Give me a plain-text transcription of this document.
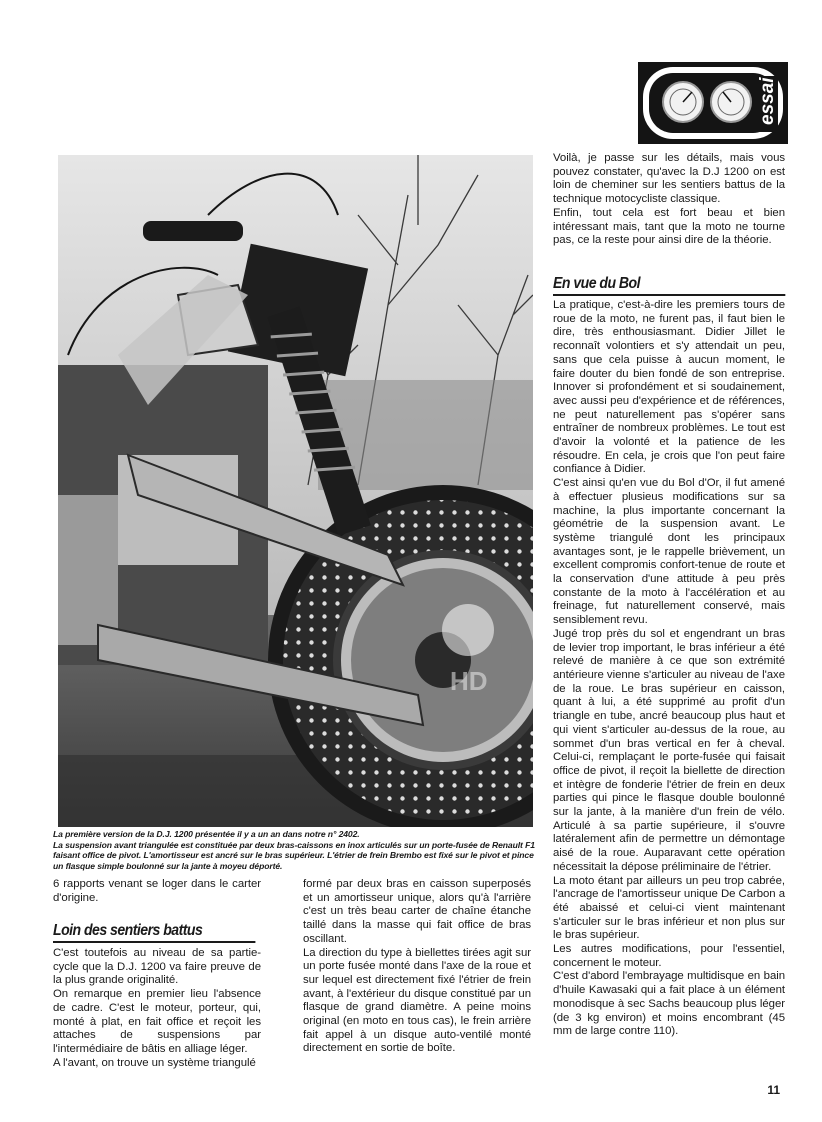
essai
HD
La première version de la D.J. 1200 présentée il y a un an dans notre n° 2402.
La suspension avant triangulée est constituée par deux bras-caissons en inox articulés sur un porte-fusée de Renault F1 faisant office de pivot. L'amortisseur est ancré sur le bras supérieur. L'étrier de frein Brembo est fixé sur le pivot et pince un flasque simple boulonné sur la jante à moyeu déporté.

Voilà, je passe sur les détails, mais vous pouvez constater, qu'avec la D.J 1200 on est loin de cheminer sur les sentiers battus de la technique motocycliste classique.

Enfin, tout cela est fort beau et bien intéressant mais, tant que la moto ne tourne pas, ce la reste pour ainsi dire de la théorie.

En vue du Bol

La pratique, c'est-à-dire les premiers tours de roue de la moto, ne furent pas, il faut bien le dire, très enthousiasmant. Didier Jillet le reconnaît volontiers et s'y attendait un peu, sans que cela puisse à aucun moment, le faire douter du bien fondé de son entreprise. Innover si profondément et si soudainement, avec aussi peu d'expérience et de références, ne peut naturellement pas s'opérer sans entraîner de nombreux problèmes. Le tout est d'avoir la volonté et la patience de les résoudre. En cela, je crois que l'on peut faire confiance à Didier.

C'est ainsi qu'en vue du Bol d'Or, il fut amené à effectuer plusieus modifications sur sa machine, la plus importante concernant la géométrie de la suspension avant. Le système triangulé dont les principaux avantages sont, je le rappelle brièvement, un excellent compromis confort-tenue de route et la conservation d'une attitude à peu près constante de la moto à l'accélération et au freinage, fut naturellement conservé, mais sensiblement revu.

Jugé trop près du sol et engendrant un bras de levier trop important, le bras inférieur a été relevé de manière à ce que son extrémité antérieure vienne s'articuler au niveau de l'axe de la roue. Le bras supérieur en caisson, quant à lui, a été supprimé au profit d'un triangle en tube, ancré beaucoup plus haut et qui vient s'articuler au-dessus de la roue, au sommet d'un bras vertical en fer à cheval. Celui-ci, remplaçant le porte-fusée qui faisait office de pivot, il reçoit la biellette de direction et intègre de fonderie l'étrier de frein en deux parties qui pince le flasque double boulonné sur la jante, à la manière d'un frein de vélo. Articulé à sa partie supérieure, il s'ouvre latéralement afin de permettre un démontage aisé de la roue. Auparavant cette opération nécessitait la dépose préliminaire de l'étrier.

La moto étant par ailleurs un peu trop cabrée, l'ancrage de l'amortisseur unique De Carbon a été abaissé et celui-ci vient maintenant s'articuler sur le bras inférieur et non plus sur le bras supérieur.

Les autres modifications, pour l'essentiel, concernent le moteur.

C'est d'abord l'embrayage multidisque en bain d'huile Kawasaki qui a fait place à un élément monodisque à sec Sachs beaucoup plus léger (de 3 kg environ) et moins encombrant (45 mm de large contre 110).

6 rapports venant se loger dans le carter d'origine.

Loin des sentiers battus

C'est toutefois au niveau de sa partie-cycle que la D.J. 1200 va faire preuve de la plus grande originalité.

On remarque en premier lieu l'absence de cadre. C'est le moteur, porteur, qui, monté à plat, en fait office et reçoit les attaches de suspensions par l'intermédiaire de bâtis en alliage léger.

A l'avant, on trouve un système triangulé

formé par deux bras en caisson superposés et un amortisseur unique, alors qu'à l'arrière c'est un très beau carter de chaîne étanche taillé dans la masse qui fait office de bras oscillant.

La direction du type à biellettes tirées agit sur un porte fusée monté dans l'axe de la roue et sur lequel est directement fixé l'étrier de frein avant, à l'extérieur du disque constitué par un flasque de grand diamètre. A peine moins original (en moto en tous cas), le frein arrière fait appel à un disque auto-ventilé monté directement en sortie de boîte.

11
